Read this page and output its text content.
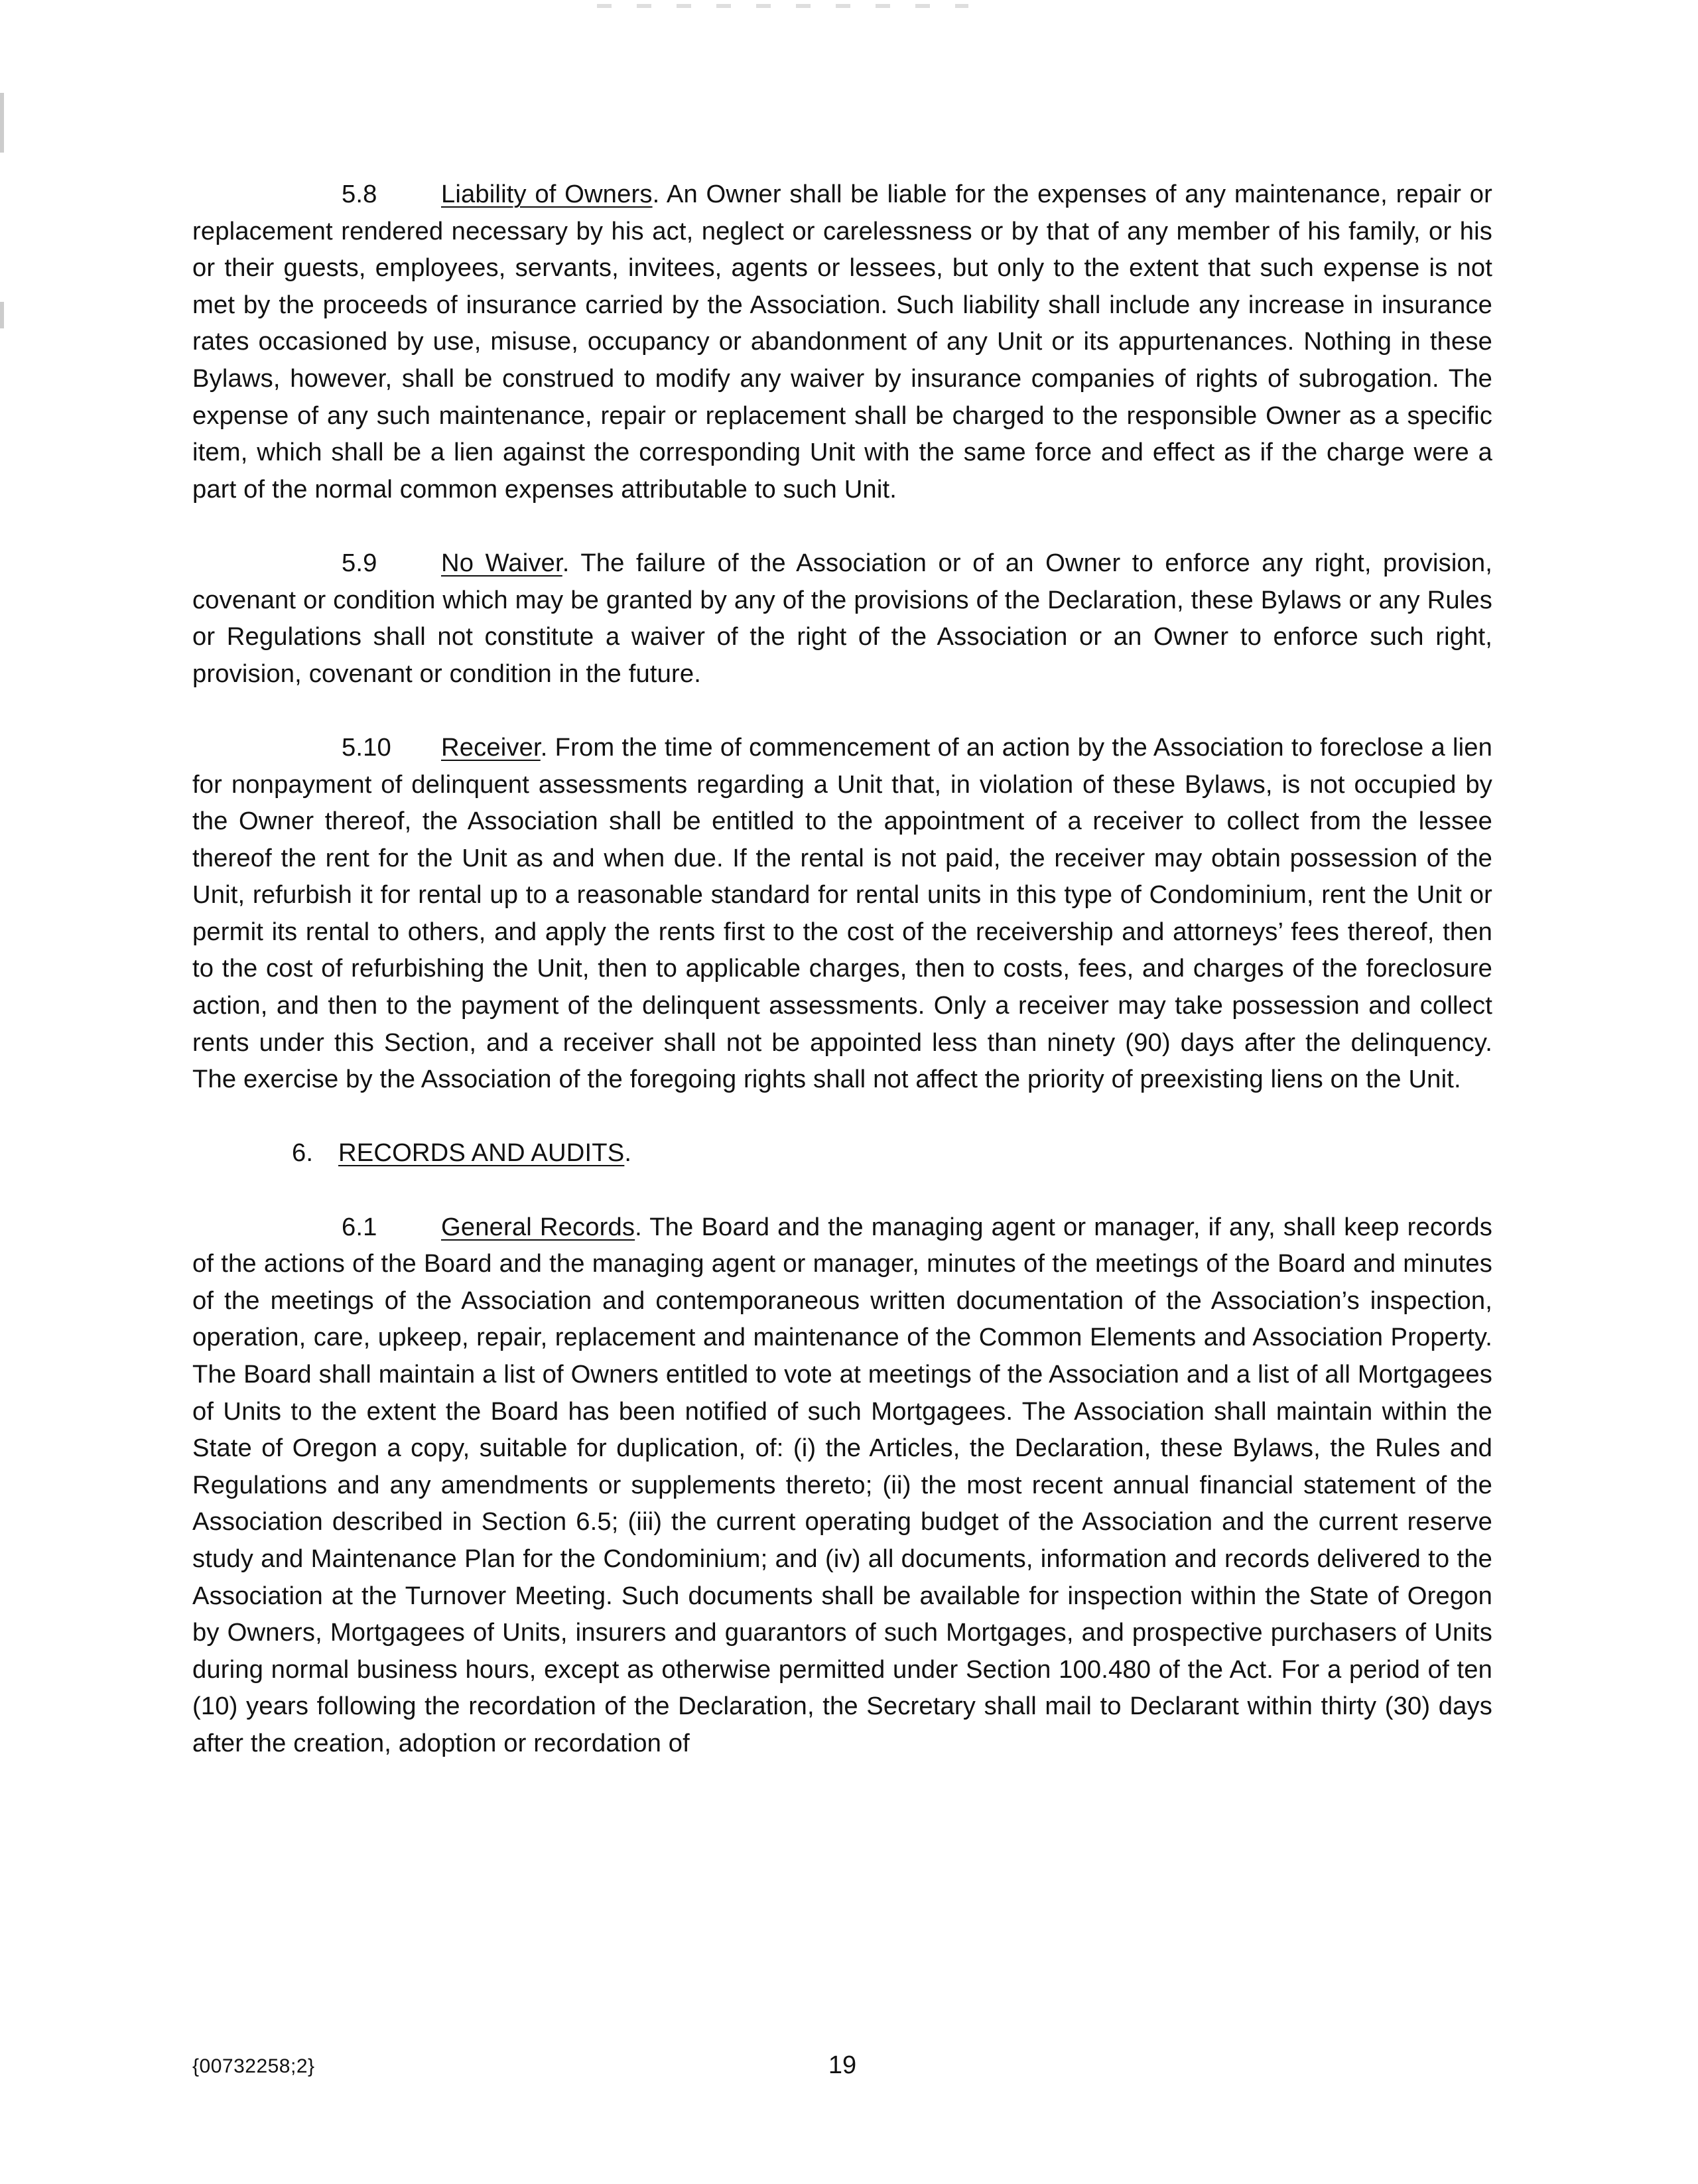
5.8	Liability of Owners. An Owner shall be liable for the expenses of any maintenance, repair or replacement rendered necessary by his act, neglect or carelessness or by that of any member of his family, or his or their guests, employees, servants, invitees, agents or lessees, but only to the extent that such expense is not met by the proceeds of insurance carried by the Association. Such liability shall include any increase in insurance rates occasioned by use, misuse, occupancy or abandonment of any Unit or its appurtenances. Nothing in these Bylaws, however, shall be construed to modify any waiver by insurance companies of rights of subrogation. The expense of any such maintenance, repair or replacement shall be charged to the responsible Owner as a specific item, which shall be a lien against the corresponding Unit with the same force and effect as if the charge were a part of the normal common expenses attributable to such Unit.

5.9	No Waiver. The failure of the Association or of an Owner to enforce any right, provision, covenant or condition which may be granted by any of the provisions of the Declaration, these Bylaws or any Rules or Regulations shall not constitute a waiver of the right of the Association or an Owner to enforce such right, provision, covenant or condition in the future.

5.10 Receiver. From the time of commencement of an action by the Association to foreclose a lien for nonpayment of delinquent assessments regarding a Unit that, in violation of these Bylaws, is not occupied by the Owner thereof, the Association shall be entitled to the appointment of a receiver to collect from the lessee thereof the rent for the Unit as and when due. If the rental is not paid, the receiver may obtain possession of the Unit, refurbish it for rental up to a reasonable standard for rental units in this type of Condominium, rent the Unit or permit its rental to others, and apply the rents first to the cost of the receivership and attorneys’ fees thereof, then to the cost of refurbishing the Unit, then to applicable charges, then to costs, fees, and charges of the foreclosure action, and then to the payment of the delinquent assessments. Only a receiver may take possession and collect rents under this Section, and a receiver shall not be appointed less than ninety (90) days after the delinquency. The exercise by the Association of the foregoing rights shall not affect the priority of preexisting liens on the Unit.

6. RECORDS AND AUDITS.

6.1	General Records. The Board and the managing agent or manager, if any, shall keep records of the actions of the Board and the managing agent or manager, minutes of the meetings of the Board and minutes of the meetings of the Association and contemporaneous written documentation of the Association’s inspection, operation, care, upkeep, repair, replacement and maintenance of the Common Elements and Association Property. The Board shall maintain a list of Owners entitled to vote at meetings of the Association and a list of all Mortgagees of Units to the extent the Board has been notified of such Mortgagees. The Association shall maintain within the State of Oregon a copy, suitable for duplication, of: (i) the Articles, the Declaration, these Bylaws, the Rules and Regulations and any amendments or supplements thereto; (ii) the most recent annual financial statement of the Association described in Section 6.5; (iii) the current operating budget of the Association and the current reserve study and Maintenance Plan for the Condominium; and (iv) all documents, information and records delivered to the Association at the Turnover Meeting. Such documents shall be available for inspection within the State of Oregon by Owners, Mortgagees of Units, insurers and guarantors of such Mortgages, and prospective purchasers of Units during normal business hours, except as otherwise permitted under Section 100.480 of the Act. For a period of ten (10) years following the recordation of the Declaration, the Secretary shall mail to Declarant within thirty (30) days after the creation, adoption or recordation of

{00732258;2}	19
